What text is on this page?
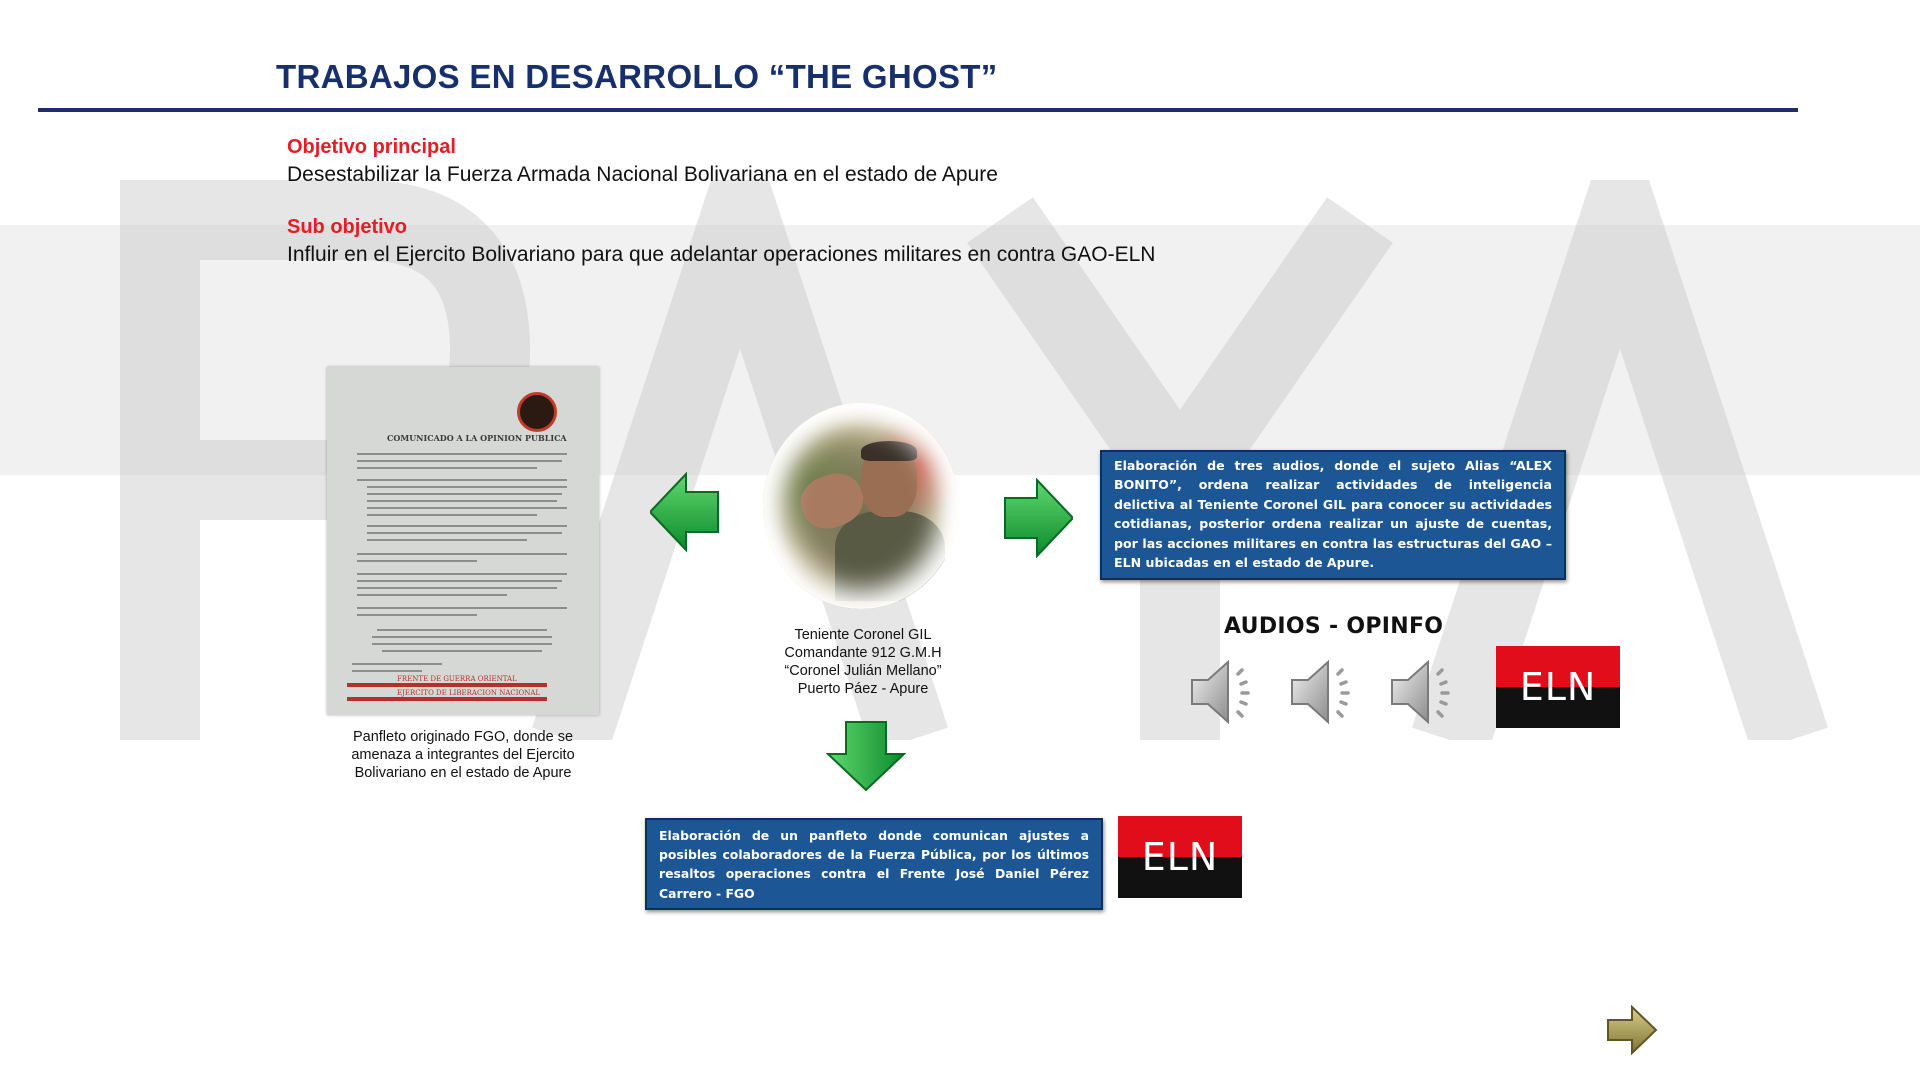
TRABAJOS EN DESARROLLO “THE GHOST”
Objetivo principal
Desestabilizar la Fuerza Armada Nacional Bolivariana en el estado de Apure
Sub objetivo
Influir en el Ejercito Bolivariano para que adelantar operaciones militares en contra GAO-ELN
COMUNICADO A LA OPINION PUBLICA
FRENTE DE GUERRA ORIENTAL
EJERCITO DE LIBERACION NACIONAL
Panfleto originado FGO, donde se
amenaza a integrantes del Ejercito
Bolivariano en el estado de Apure
Teniente Coronel GIL
Comandante 912 G.M.H
“Coronel Julián Mellano”
Puerto Páez - Apure
Elaboración de tres audios, donde el sujeto Alias “ALEX BONITO”, ordena realizar actividades de inteligencia delictiva al Teniente Coronel GIL para conocer su actividades cotidianas, posterior ordena realizar un ajuste de cuentas, por las acciones militares en contra las estructuras del GAO – ELN ubicadas en el estado de Apure.
AUDIOS - OPINFO
ELN
Elaboración de un panfleto donde comunican ajustes a posibles colaboradores de la Fuerza Pública, por los últimos resaltos operaciones contra el Frente José Daniel Pérez Carrero - FGO
ELN
